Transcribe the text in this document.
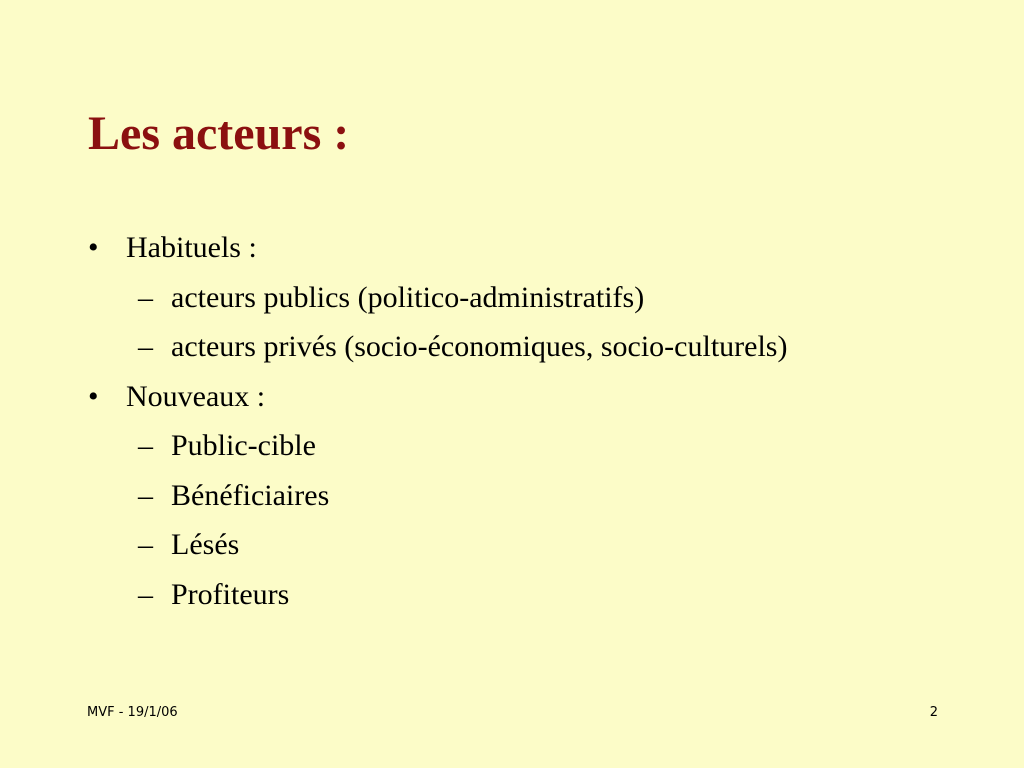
Les acteurs :
• Habituels :
– acteurs publics (politico-administratifs)
– acteurs privés (socio-économiques, socio-culturels)
• Nouveaux :
– Public-cible
– Bénéficiaires
– Lésés
– Profiteurs
MVF - 19/1/06	2
